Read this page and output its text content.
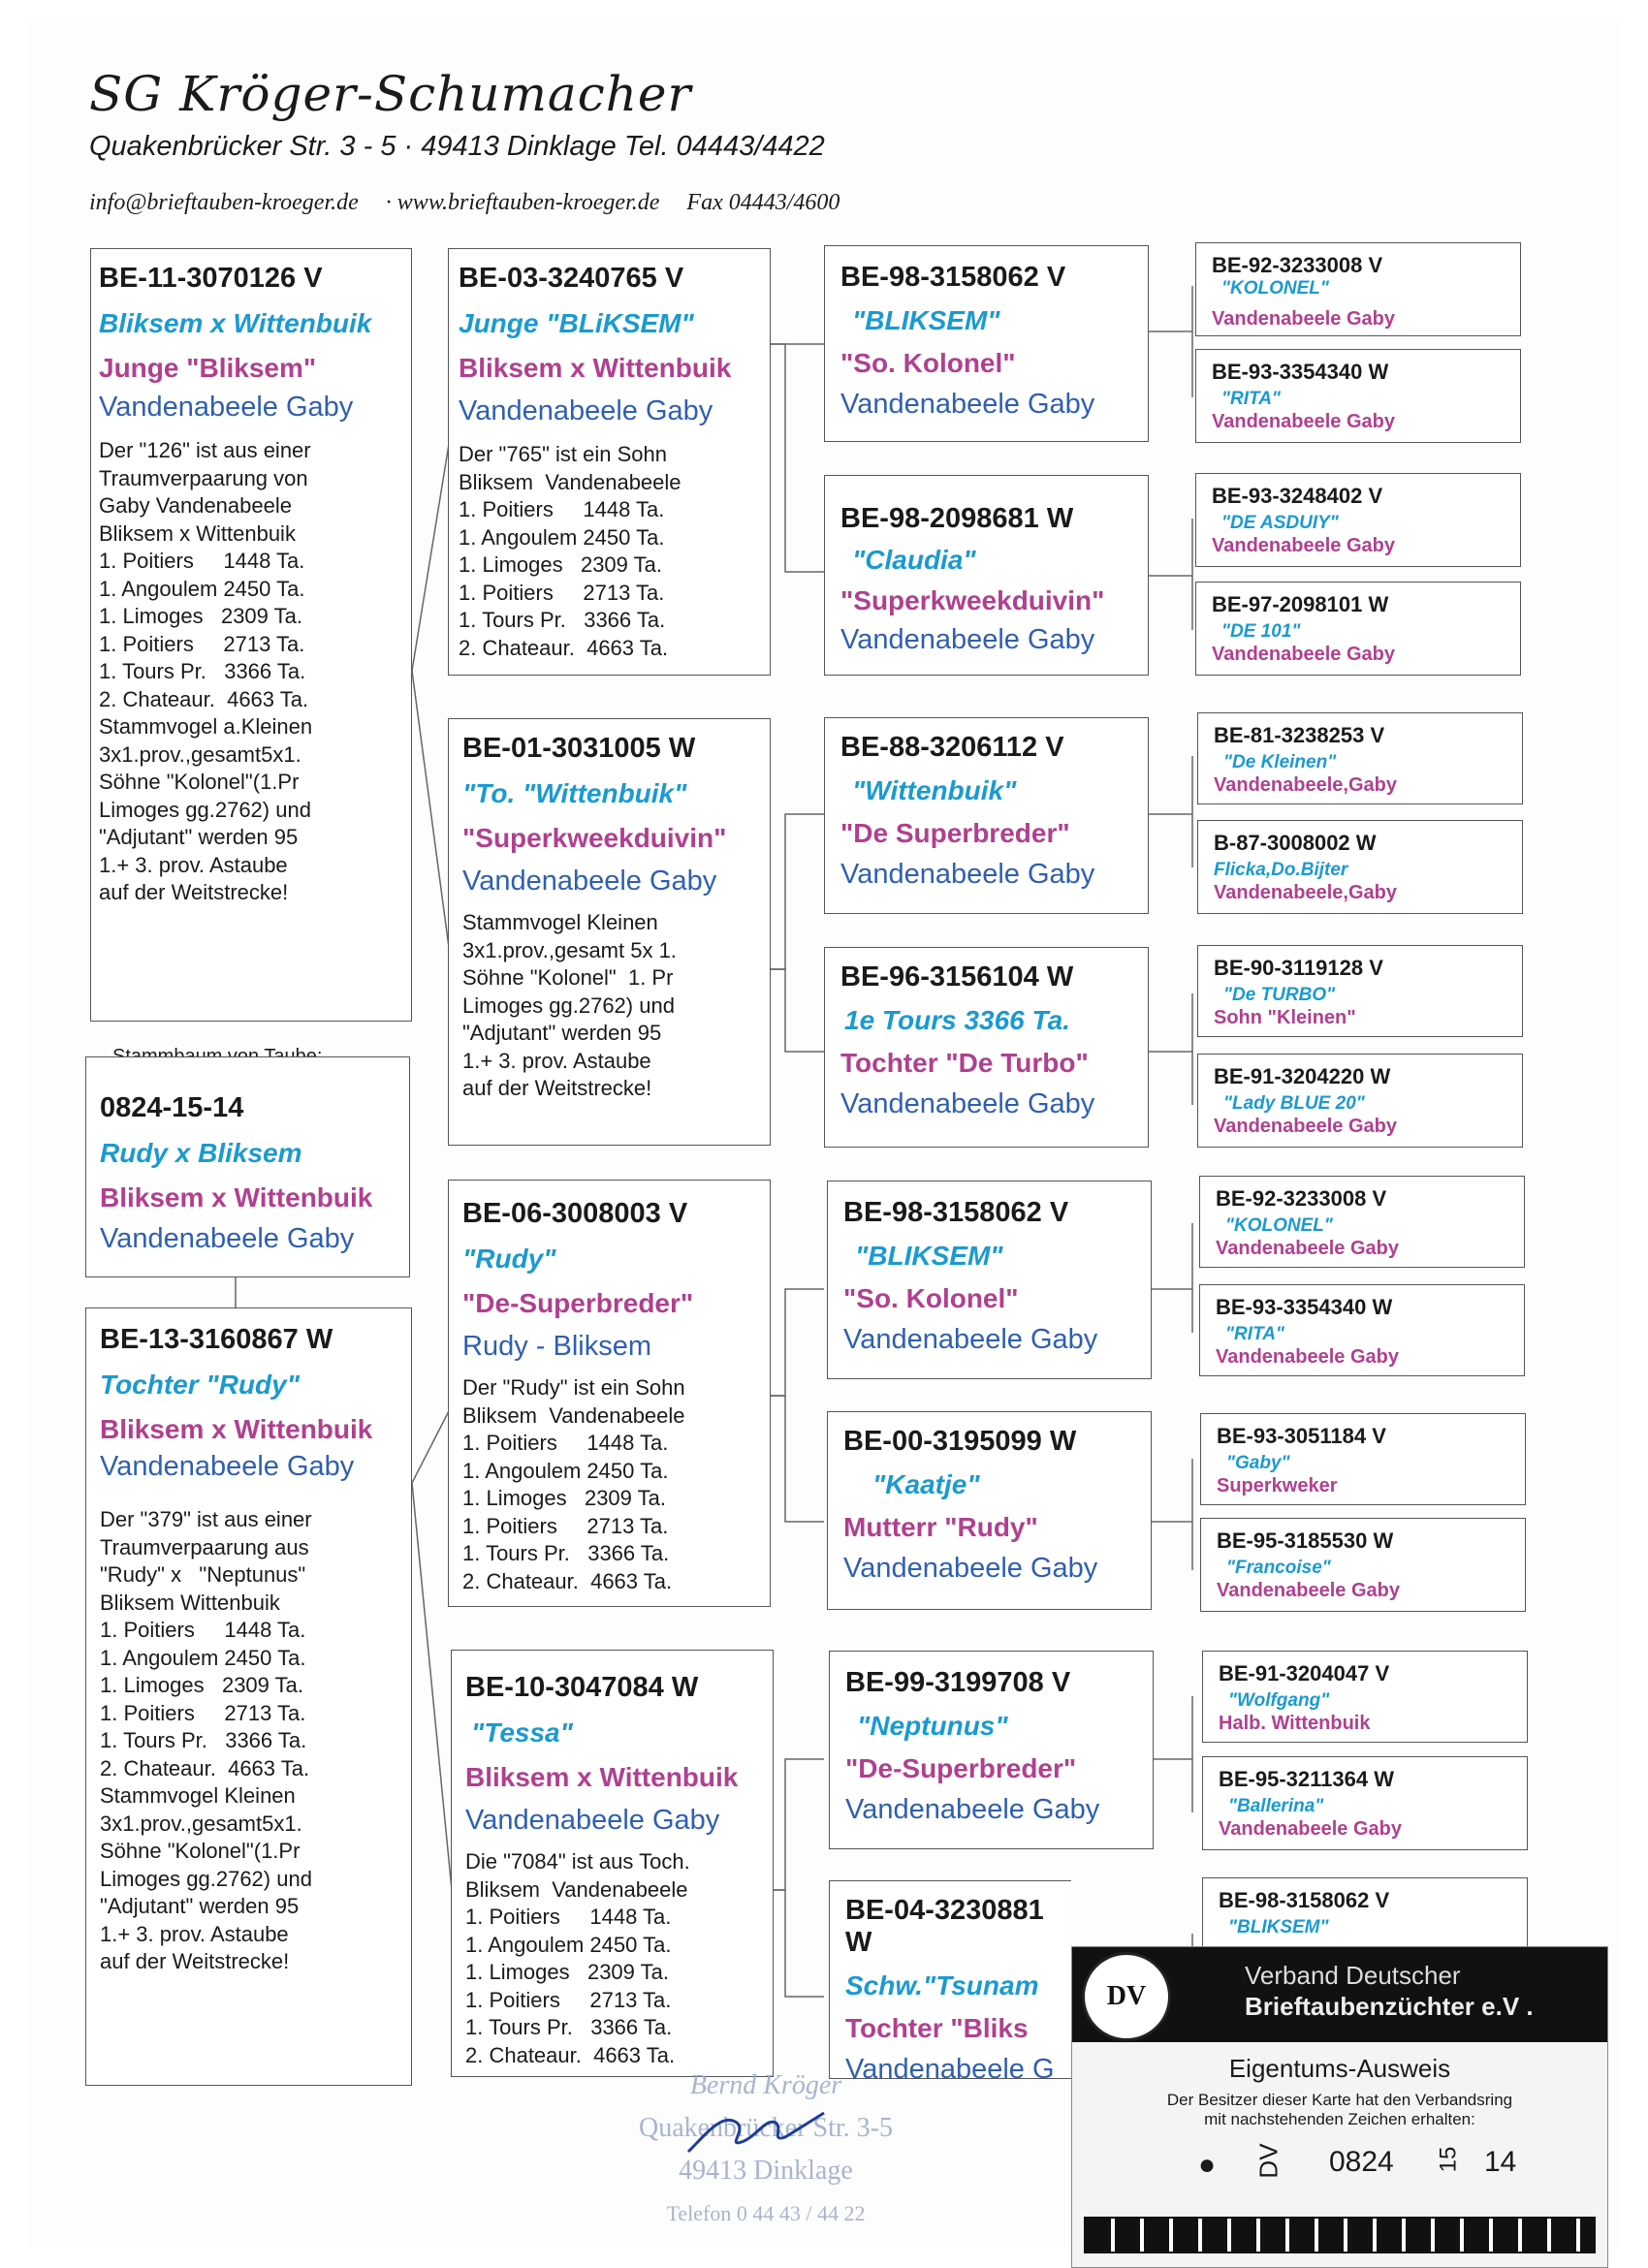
SG Kröger-Schumacher
Quakenbrücker Str. 3 - 5 · 49413 Dinklage Tel. 04443/4422
info@brieftauben-kroeger.de · www.brieftauben-kroeger.de Fax 04443/4600
BE-11-3070126 V
Bliksem x Wittenbuik
Junge "Bliksem"
Vandenabeele Gaby
Der "126" ist aus einer
Traumverpaarung von
Gaby Vandenabeele
Bliksem x Wittenbuik
1. Poitiers     1448 Ta.
1. Angoulem 2450 Ta.
1. Limoges   2309 Ta.
1. Poitiers     2713 Ta.
1. Tours Pr.   3366 Ta.
2. Chateaur.  4663 Ta.
Stammvogel a.Kleinen
3x1.prov.,gesamt5x1.
Söhne "Kolonel"(1.Pr
Limoges gg.2762) und
"Adjutant" werden 95
1.+ 3. prov. Astaube
auf der Weitstrecke!
0824-15-14
Rudy x Bliksem
Bliksem x Wittenbuik
Vandenabeele Gaby
BE-13-3160867 W
Tochter "Rudy"
Bliksem x Wittenbuik
Vandenabeele Gaby
Der "379" ist aus einer
Traumverpaarung aus
"Rudy" x   "Neptunus"
Bliksem Wittenbuik
1. Poitiers     1448 Ta.
1. Angoulem 2450 Ta.
1. Limoges   2309 Ta.
1. Poitiers     2713 Ta.
1. Tours Pr.   3366 Ta.
2. Chateaur.  4663 Ta.
Stammvogel Kleinen
3x1.prov.,gesamt5x1.
Söhne "Kolonel"(1.Pr
Limoges gg.2762) und
"Adjutant" werden 95
1.+ 3. prov. Astaube
auf der Weitstrecke!
BE-03-3240765 V
Junge "BLiKSEM"
Bliksem x Wittenbuik
Vandenabeele Gaby
Der "765" ist ein Sohn
Bliksem  Vandenabeele
1. Poitiers     1448 Ta.
1. Angoulem 2450 Ta.
1. Limoges   2309 Ta.
1. Poitiers     2713 Ta.
1. Tours Pr.   3366 Ta.
2. Chateaur.  4663 Ta.
BE-01-3031005 W
"To. "Wittenbuik"
"Superkweekduivin"
Vandenabeele Gaby
Stammvogel Kleinen
3x1.prov.,gesamt 5x 1.
Söhne "Kolonel"  1. Pr
Limoges gg.2762) und
"Adjutant" werden 95
1.+ 3. prov. Astaube
auf der Weitstrecke!
BE-06-3008003 V
"Rudy"
"De-Superbreder"
Rudy - Bliksem
Der "Rudy" ist ein Sohn
Bliksem  Vandenabeele
1. Poitiers     1448 Ta.
1. Angoulem 2450 Ta.
1. Limoges   2309 Ta.
1. Poitiers     2713 Ta.
1. Tours Pr.   3366 Ta.
2. Chateaur.  4663 Ta.
BE-10-3047084 W
"Tessa"
Bliksem x Wittenbuik
Vandenabeele Gaby
Die "7084" ist aus Toch.
Bliksem  Vandenabeele
1. Poitiers     1448 Ta.
1. Angoulem 2450 Ta.
1. Limoges   2309 Ta.
1. Poitiers     2713 Ta.
1. Tours Pr.   3366 Ta.
2. Chateaur.  4663 Ta.
BE-98-3158062 V
"BLIKSEM"
"So. Kolonel"
Vandenabeele Gaby
BE-98-2098681 W
"Claudia"
"Superkweekduivin"
Vandenabeele Gaby
BE-88-3206112 V
"Wittenbuik"
"De Superbreder"
Vandenabeele Gaby
BE-96-3156104 W
1e Tours 3366 Ta.
Tochter "De Turbo"
Vandenabeele Gaby
BE-98-3158062 V
"BLIKSEM"
"So. Kolonel"
Vandenabeele Gaby
BE-00-3195099 W
"Kaatje"
Mutterr "Rudy"
Vandenabeele Gaby
BE-99-3199708 V
"Neptunus"
"De-Superbreder"
Vandenabeele Gaby
BE-04-3230881 W
Schw."Tsunam
Tochter "Bliks
Vandenabeele G
BE-92-3233008 V
"KOLONEL"
Vandenabeele Gaby
BE-93-3354340 W
"RITA"
Vandenabeele Gaby
BE-93-3248402 V
"DE ASDUIY"
Vandenabeele Gaby
BE-97-2098101 W
"DE 101"
Vandenabeele Gaby
BE-81-3238253 V
"De Kleinen"
Vandenabeele,Gaby
B-87-3008002 W
Flicka,Do.Bijter
Vandenabeele,Gaby
BE-90-3119128 V
"De TURBO"
Sohn "Kleinen"
BE-91-3204220 W
"Lady BLUE 20"
Vandenabeele Gaby
BE-92-3233008 V
"KOLONEL"
Vandenabeele Gaby
BE-93-3354340 W
"RITA"
Vandenabeele Gaby
BE-93-3051184 V
"Gaby"
Superkweker
BE-95-3185530 W
"Francoise"
Vandenabeele Gaby
BE-91-3204047 V
"Wolfgang"
Halb. Wittenbuik
BE-95-3211364 W
"Ballerina"
Vandenabeele Gaby
BE-98-3158062 V
"BLIKSEM"
Bernd Kröger
Quakenbrücker Str. 3-5
49413 Dinklage
Telefon 0 44 43 / 44 22
DV
Verband Deutscher
Brieftaubenzüchter e.V .
Eigentums-Ausweis
Der Besitzer dieser Karte hat den Verbandsring
mit nachstehenden Zeichen erhalten:
● DV 0824 15 14
